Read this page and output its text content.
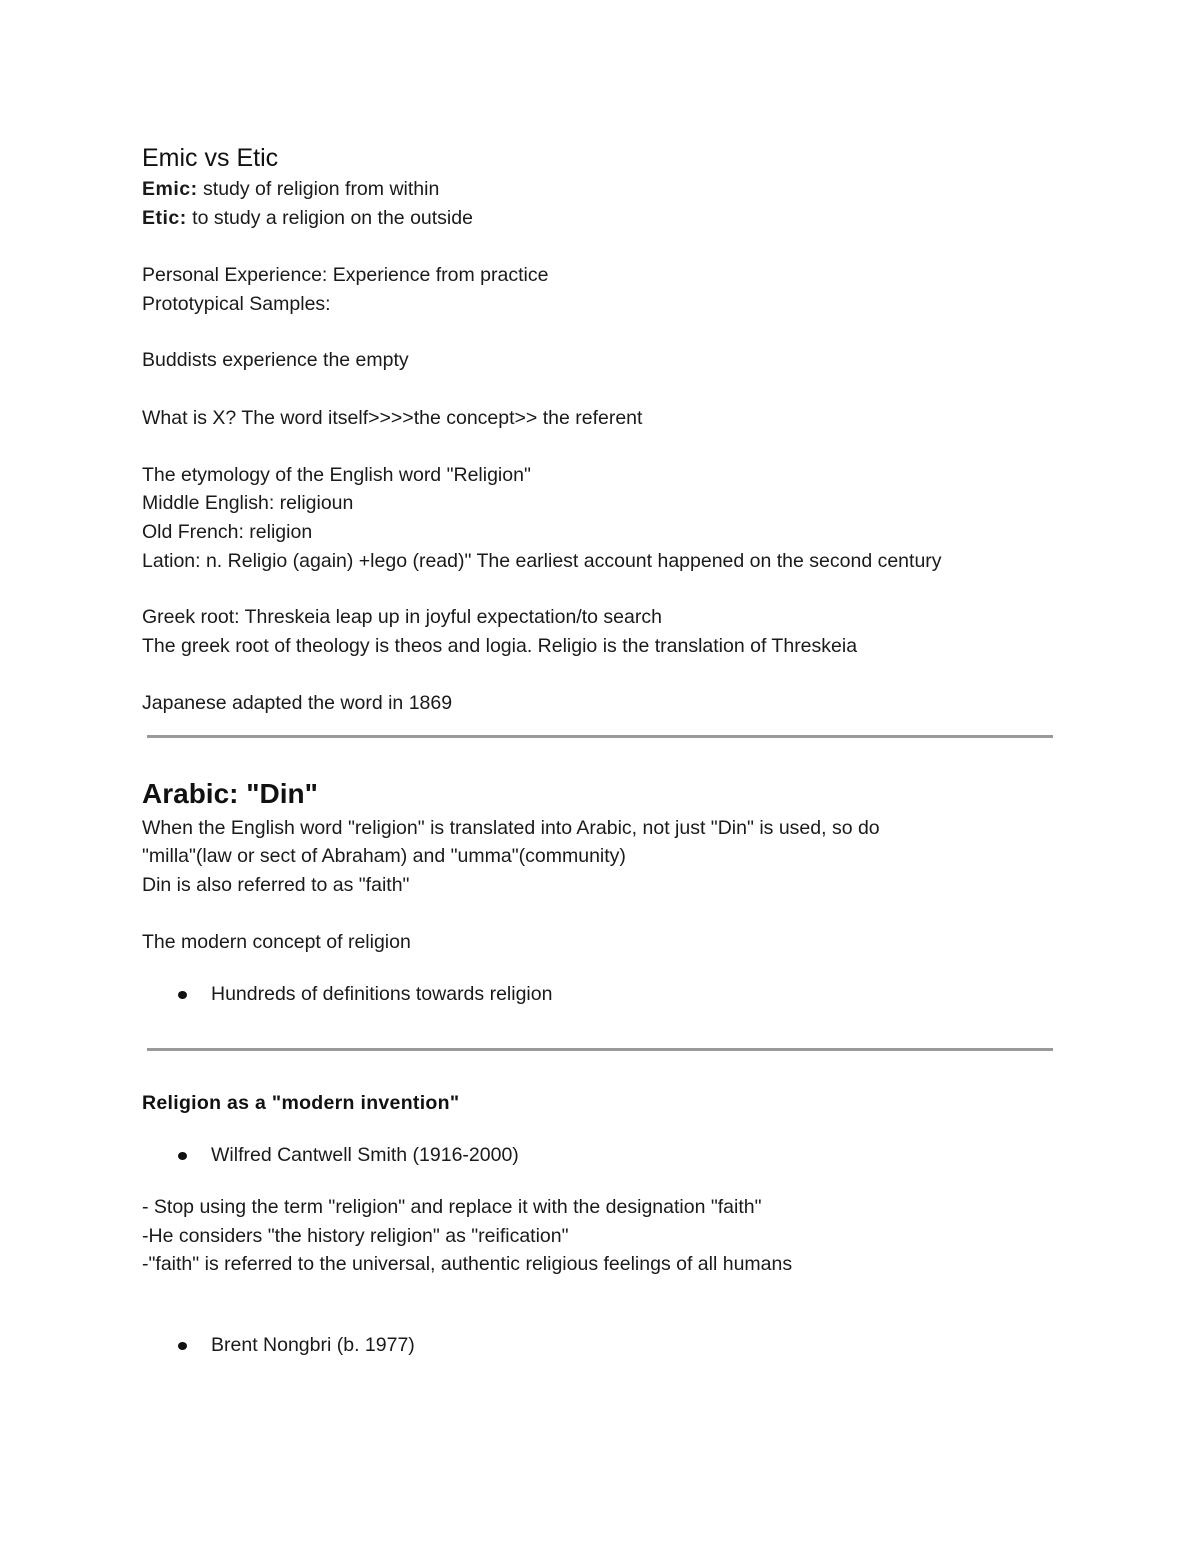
Emic vs Etic
Emic: study of religion from within
Etic: to study a religion on the outside
Personal Experience: Experience from practice
Prototypical Samples:
Buddists experience the empty
What is X? The word itself>>>>the concept>> the referent
The etymology of the English word "Religion"
Middle English: religioun
Old French: religion
Lation: n. Religio (again) +lego (read)" The earliest account happened on the second century
Greek root: Threskeia leap up in joyful expectation/to search
The greek root of theology is theos and logia. Religio is the translation of Threskeia
Japanese adapted the word in 1869
Arabic: "Din"
When the English word "religion" is translated into Arabic, not just "Din" is used, so do
"milla"(law or sect of Abraham) and "umma"(community)
Din is also referred to as "faith"
The modern concept of religion
Hundreds of definitions towards religion
Religion as a "modern invention"
Wilfred Cantwell Smith (1916-2000)
- Stop using the term "religion" and replace it with the designation "faith"
-He considers "the history religion" as "reification"
-"faith" is referred to the universal, authentic religious feelings of all humans
Brent Nongbri (b. 1977)
